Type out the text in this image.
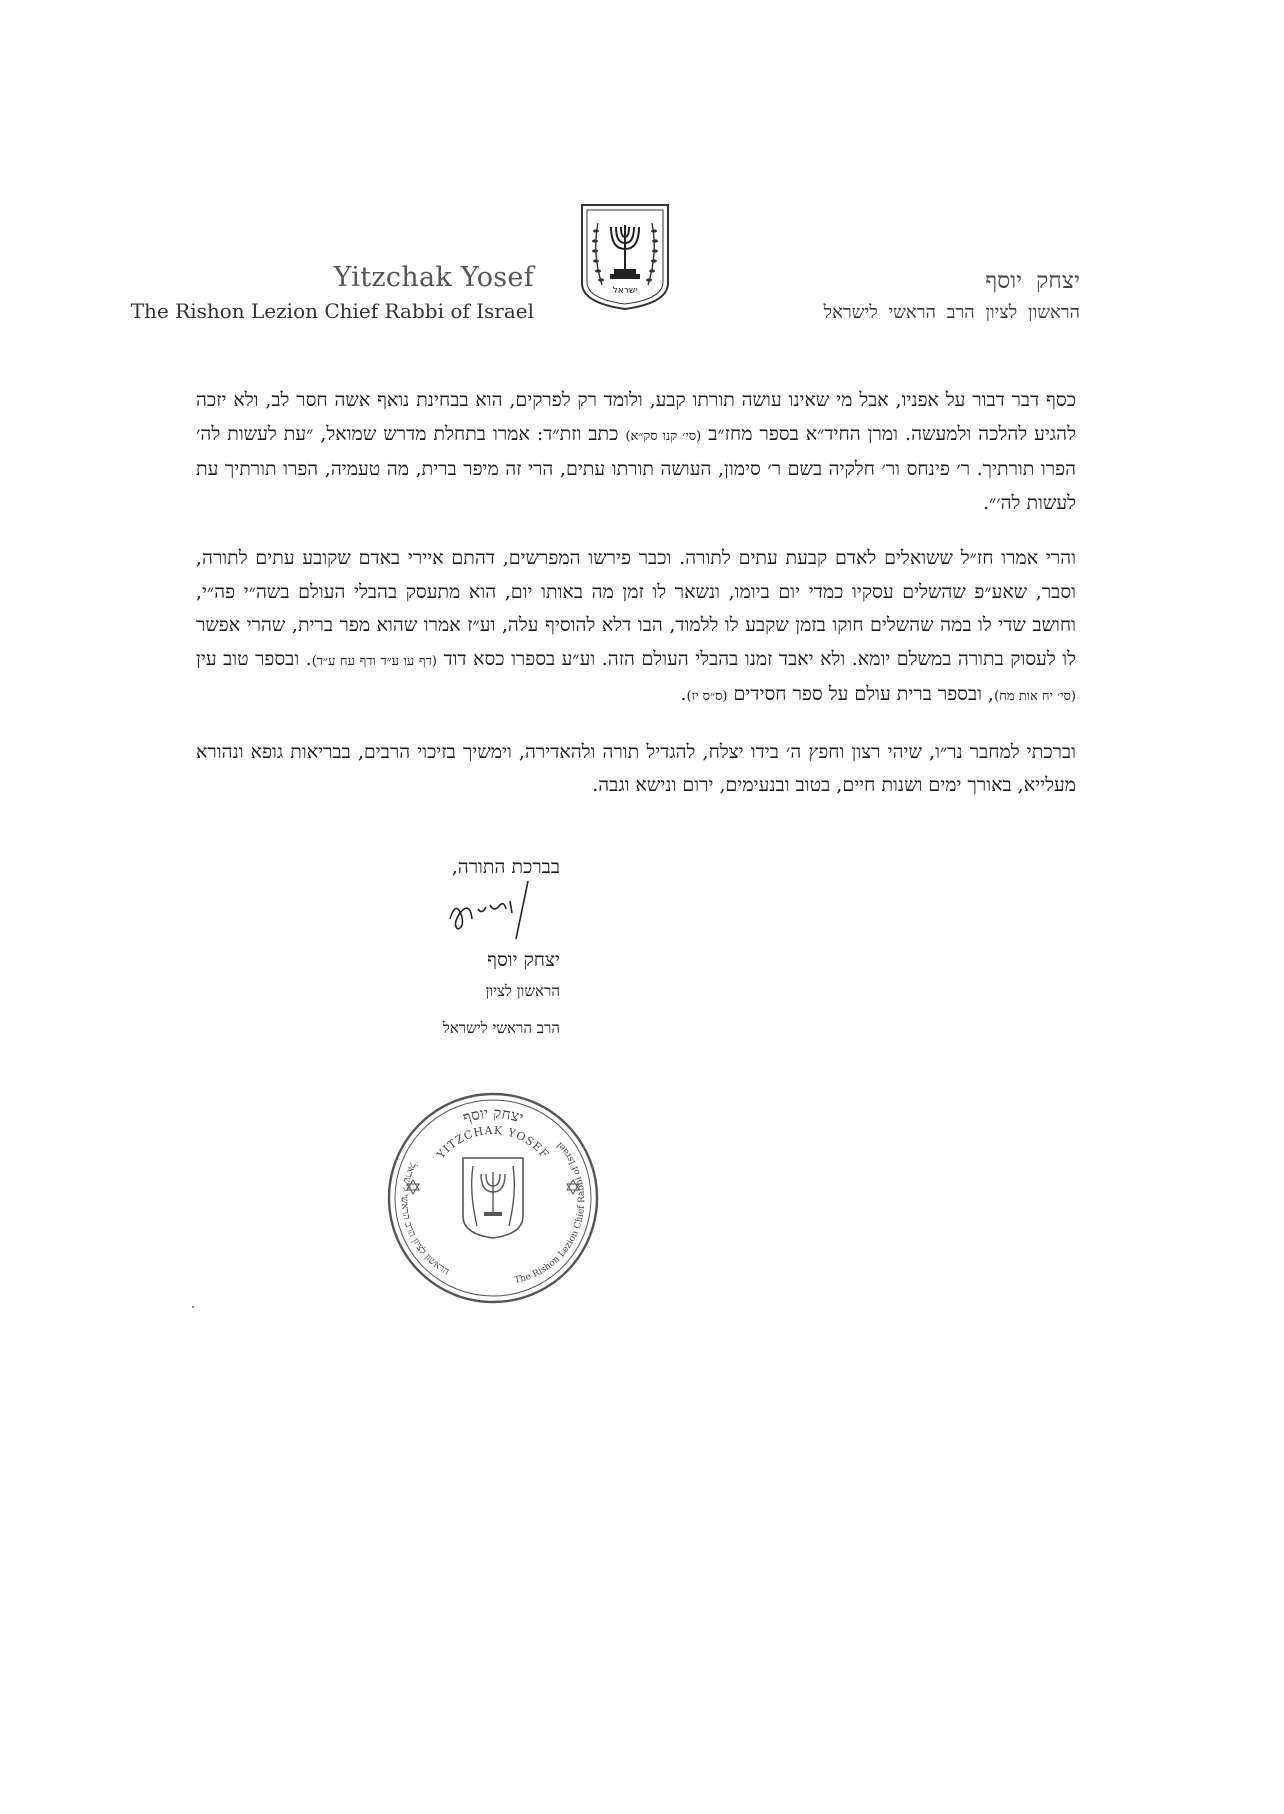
ישראל
Yitzchak Yosef
The Rishon Lezion Chief Rabbi of Israel
יצחק יוסף
הראשון לציון הרב הראשי לישראל

כסף דבר דבור על אפניו, אבל מי שאינו עושה תורתו קבע, ולומד רק לפרקים, הוא בבחינת נואף אשה חסר לב, ולא יזכה להגיע להלכה ולמעשה. ומרן החיד״א בספר מחז״ב (סי׳ קנו סק״א) כתב וזת״ד: אמרו בתחלת מדרש שמואל, ״עת לעשות לה׳ הפרו תורתיך. ר׳ פינחס ור׳ חלקיה בשם ר׳ סימון, העושה תורתו עתים, הרי זה מיפר ברית, מה טעמיה, הפרו תורתיך עת לעשות לה׳״.

והרי אמרו חז״ל ששואלים לאדם קבעת עתים לתורה. וכבר פירשו המפרשים, דהתם איירי באדם שקובע עתים לתורה, וסבר, שאע״פ שהשלים עסקיו כמדי יום ביומו, ונשאר לו זמן מה באותו יום, הוא מתעסק בהבלי העולם בשה״י פה״י, וחושב שדי לו במה שהשלים חוקו בזמן שקבע לו ללמוד, הבו דלא להוסיף עלה, וע״ז אמרו שהוא מפר ברית, שהרי אפשר לו לעסוק בתורה במשלם יומא. ולא יאבד זמנו בהבלי העולם הזה. וע״ע בספרו כסא דוד (דף עו ע״ד ודף עח ע״ד). ובספר טוב עין (סי׳ יח אות מח), ובספר ברית עולם על ספר חסידים (ס״ס יז).

וברכתי למחבר נר״ו, שיהי רצון וחפץ ה׳ בידו יצלח, להגדיל תורה ולהאדירה, וימשיך בזיכוי הרבים, בבריאות גופא ונהורא מעלייא, באורך ימים ושנות חיים, בטוב ובנעימים, ירום ונישא וגבה.

בברכת התורה,
יצחק יוסף
הראשון לציון
הרב הראשי לישראל
יצחק יוסף
YITZCHAK YOSEF
The Rishon Lezion Chief Rabbi of Israel
הראשון לציון הרב הראשי לישראל
